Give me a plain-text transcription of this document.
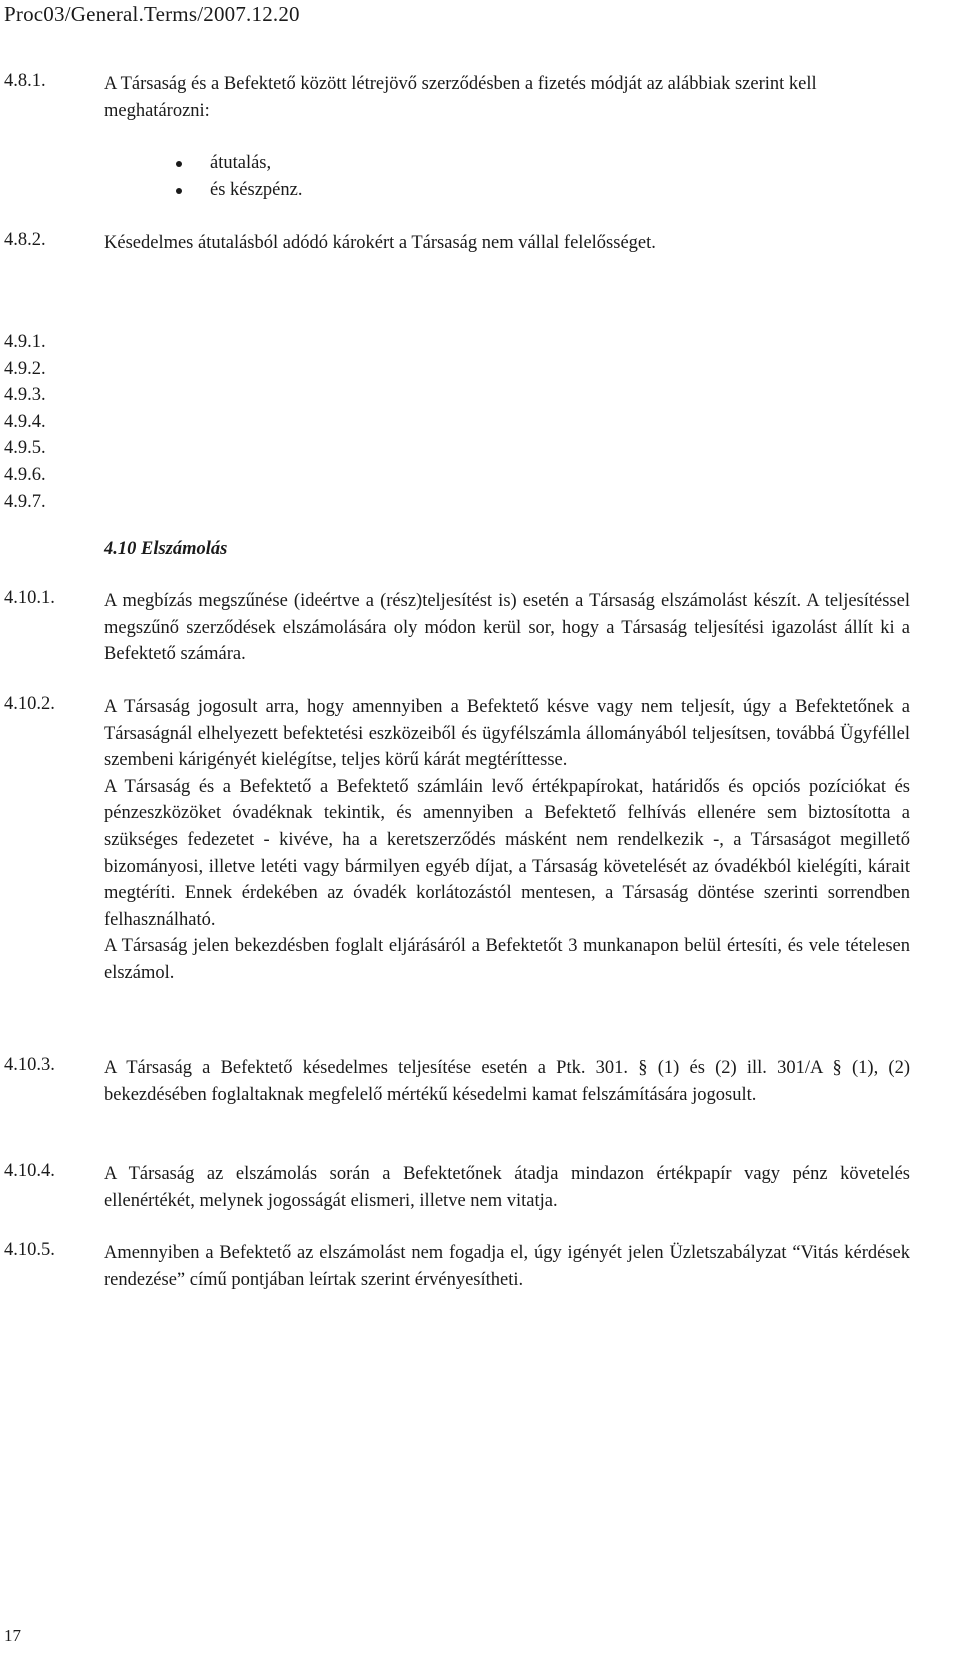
Proc03/General.Terms/2007.12.20
4.8.1.	A Társaság és a Befektető között létrejövő szerződésben a fizetés módját az alábbiak szerint kell meghatározni:

átutalás,
és készpénz.
4.8.2.	Késedelmes átutalásból adódó károkért a Társaság nem vállal felelősséget.

4.9.1.
4.9.2.
4.9.3.
4.9.4.
4.9.5.
4.9.6.
4.9.7.
4.10 Elszámolás
4.10.1.	A megbízás megszűnése (ideértve a (rész)teljesítést is) esetén a Társaság elszámolást készít. A teljesítéssel megszűnő szerződések elszámolására oly módon kerül sor, hogy a Társaság teljesítési igazolást állít ki a Befektető számára.

4.10.2.	A Társaság jogosult arra, hogy amennyiben a Befektető késve vagy nem teljesít, úgy a Befektetőnek a Társaságnál elhelyezett befektetési eszközeiből és ügyfélszámla állományából teljesítsen, továbbá Ügyféllel szembeni kárigényét kielégítse, teljes körű kárát megtéríttesse.

A Társaság és a Befektető a Befektető számláin levő értékpapírokat, határidős és opciós pozíciókat és pénzeszközöket óvadéknak tekintik, és amennyiben a Befektető felhívás ellenére sem biztosította a szükséges fedezetet - kivéve, ha a keretszerződés másként nem rendelkezik -, a Társaságot megillető bizományosi, illetve letéti vagy bármilyen egyéb díjat, a Társaság követelését az óvadékból kielégíti, kárait megtéríti. Ennek érdekében az óvadék korlátozástól mentesen, a Társaság döntése szerinti sorrendben felhasználható.

A Társaság jelen bekezdésben foglalt eljárásáról a Befektetőt 3 munkanapon belül értesíti, és vele tételesen elszámol.

4.10.3.	A Társaság a Befektető késedelmes teljesítése esetén a Ptk. 301. § (1) és (2) ill. 301/A § (1), (2) bekezdésében foglaltaknak megfelelő mértékű késedelmi kamat felszámítására jogosult.

4.10.4.	A Társaság az elszámolás során a Befektetőnek átadja mindazon értékpapír vagy pénz követelés ellenértékét, melynek jogosságát elismeri, illetve nem vitatja.

4.10.5.	Amennyiben a Befektető az elszámolást nem fogadja el, úgy igényét jelen Üzletszabályzat “Vitás kérdések rendezése” című pontjában leírtak szerint érvényesítheti.

17
